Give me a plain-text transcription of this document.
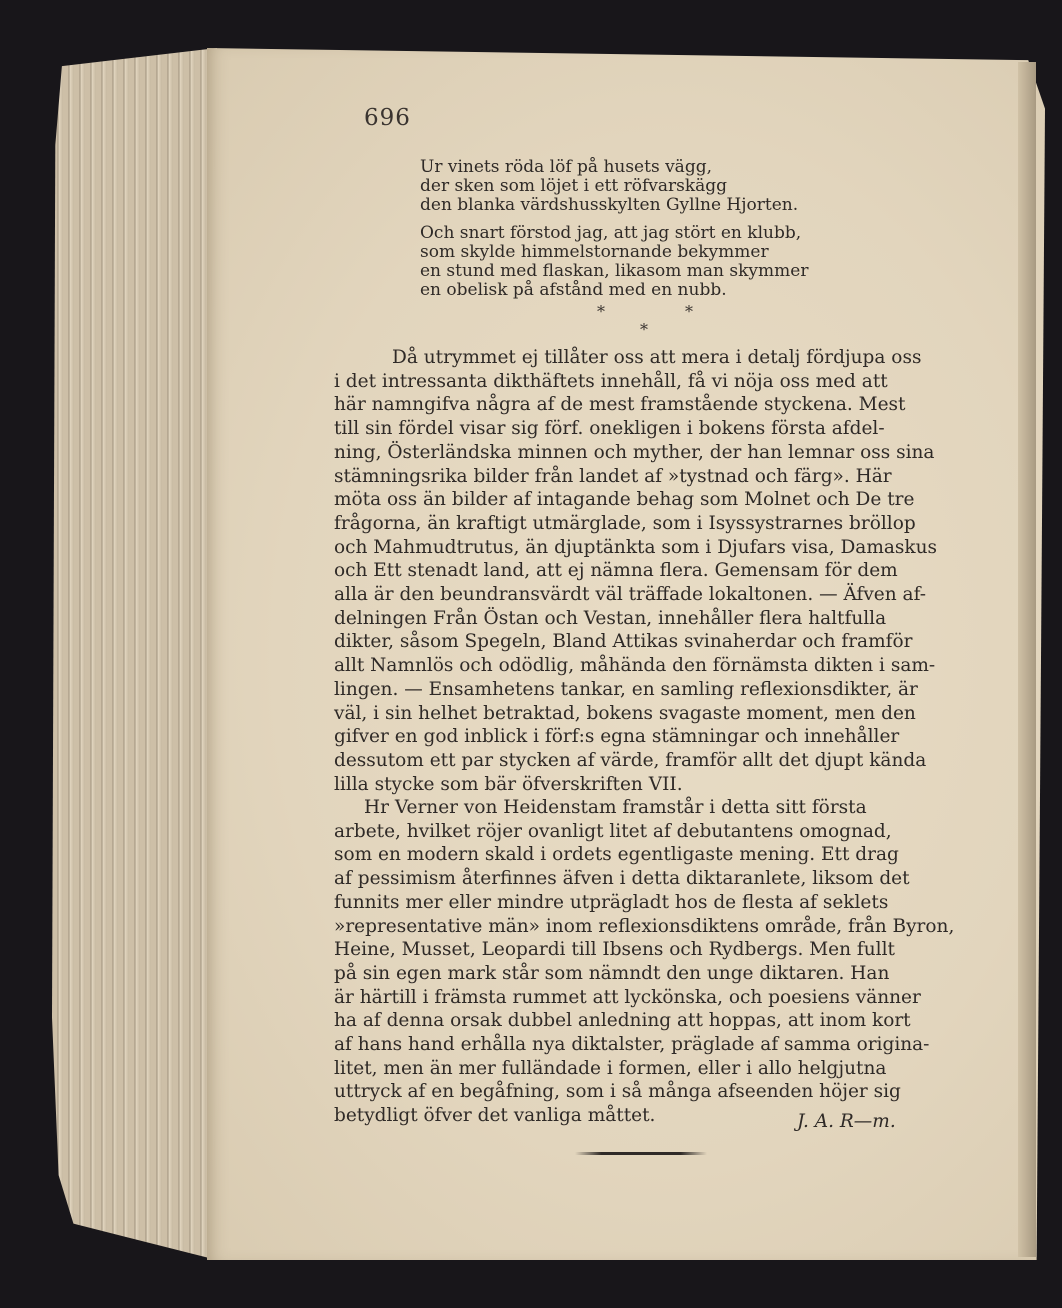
696
Ur vinets röda löf på husets vägg,
der sken som löjet i ett röfvarskägg
den blanka värdshusskylten Gyllne Hjorten.
Och snart förstod jag, att jag stört en klubb,
som skylde himmelstornande bekymmer
en stund med flaskan, likasom man skymmer
en obelisk på afstånd med en nubb.
*	*
*
Då utrymmet ej tillåter oss att mera i detalj fördjupa oss
i det intressanta dikthäftets innehåll, få vi nöja oss med att
här namngifva några af de mest framstående styckena. Mest
till sin fördel visar sig förf. onekligen i bokens första afdel-
ning, Österländska minnen och myther, der han lemnar oss sina
stämningsrika bilder från landet af »tystnad och färg». Här
möta oss än bilder af intagande behag som Molnet och De tre
frågorna, än kraftigt utmärglade, som i Isyssystrarnes bröllop
och Mahmudtrutus, än djuptänkta som i Djufars visa, Damaskus
och Ett stenadt land, att ej nämna flera. Gemensam för dem
alla är den beundransvärdt väl träffade lokaltonen. — Äfven af-
delningen Från Östan och Vestan, innehåller flera haltfulla
dikter, såsom Spegeln, Bland Attikas svinaherdar och framför
allt Namnlös och odödlig, måhända den förnämsta dikten i sam-
lingen. — Ensamhetens tankar, en samling reflexionsdikter, är
väl, i sin helhet betraktad, bokens svagaste moment, men den
gifver en god inblick i förf:s egna stämningar och innehåller
dessutom ett par stycken af värde, framför allt det djupt kända
lilla stycke som bär öfverskriften VII.
Hr Verner von Heidenstam framstår i detta sitt första
arbete, hvilket röjer ovanligt litet af debutantens omognad,
som en modern skald i ordets egentligaste mening. Ett drag
af pessimism återfinnes äfven i detta diktaranlete, liksom det
funnits mer eller mindre utprägladt hos de flesta af seklets
»representative män» inom reflexionsdiktens område, från Byron,
Heine, Musset, Leopardi till Ibsens och Rydbergs. Men fullt
på sin egen mark står som nämndt den unge diktaren. Han
är härtill i främsta rummet att lyckönska, och poesiens vänner
ha af denna orsak dubbel anledning att hoppas, att inom kort
af hans hand erhålla nya diktalster, präglade af samma origina-
litet, men än mer fulländade i formen, eller i allo helgjutna
uttryck af en begåfning, som i så många afseenden höjer sig
betydligt öfver det vanliga måttet.	J. A. R—m.
